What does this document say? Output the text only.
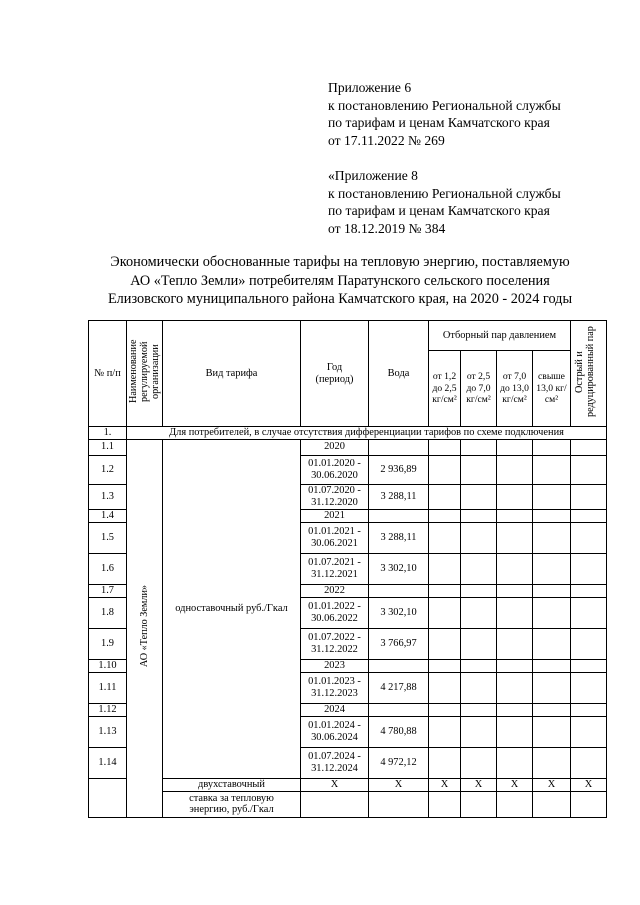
Приложение 6
к постановлению Региональной службы
по тарифам и ценам Камчатского края
от 17.11.2022 № 269
«Приложение 8
к постановлению Региональной службы
по тарифам и ценам Камчатского края
от 18.12.2019 № 384
Экономически обоснованные тарифы на тепловую энергию, поставляемую
АО «Тепло Земли» потребителям Паратунского сельского поселения
Елизовского муниципального района Камчатского края, на 2020 - 2024 годы
№ п/п	Наименование регулируемой организации	Вид тарифа	Год (период)	Вода	Отборный пар давлением				Острый и редуцированный пар
					от 1,2 до 2,5 кг/см²	от 2,5 до 7,0 кг/см²	от 7,0 до 13,0 кг/см²	свыше 13,0 кг/см²	
1.	Для потребителей, в случае отсутствия дифференциации тарифов по схеме подключения								
1.1	АО «Тепло Земли»	одноставочный руб./Гкал	2020						
1.2			01.01.2020 - 30.06.2020	2 936,89					
1.3			01.07.2020 - 31.12.2020	3 288,11					
1.4			2021						
1.5			01.01.2021 - 30.06.2021	3 288,11					
1.6			01.07.2021 - 31.12.2021	3 302,10					
1.7			2022						
1.8			01.01.2022 - 30.06.2022	3 302,10					
1.9			01.07.2022 - 31.12.2022	3 766,97					
1.10			2023						
1.11			01.01.2023 - 31.12.2023	4 217,88					
1.12			2024						
1.13			01.01.2024 - 30.06.2024	4 780,88					
1.14			01.07.2024 - 31.12.2024	4 972,12					
		двухставочный	X	X	X	X	X	X	X
		ставка за тепловую энергию, руб./Гкал							
